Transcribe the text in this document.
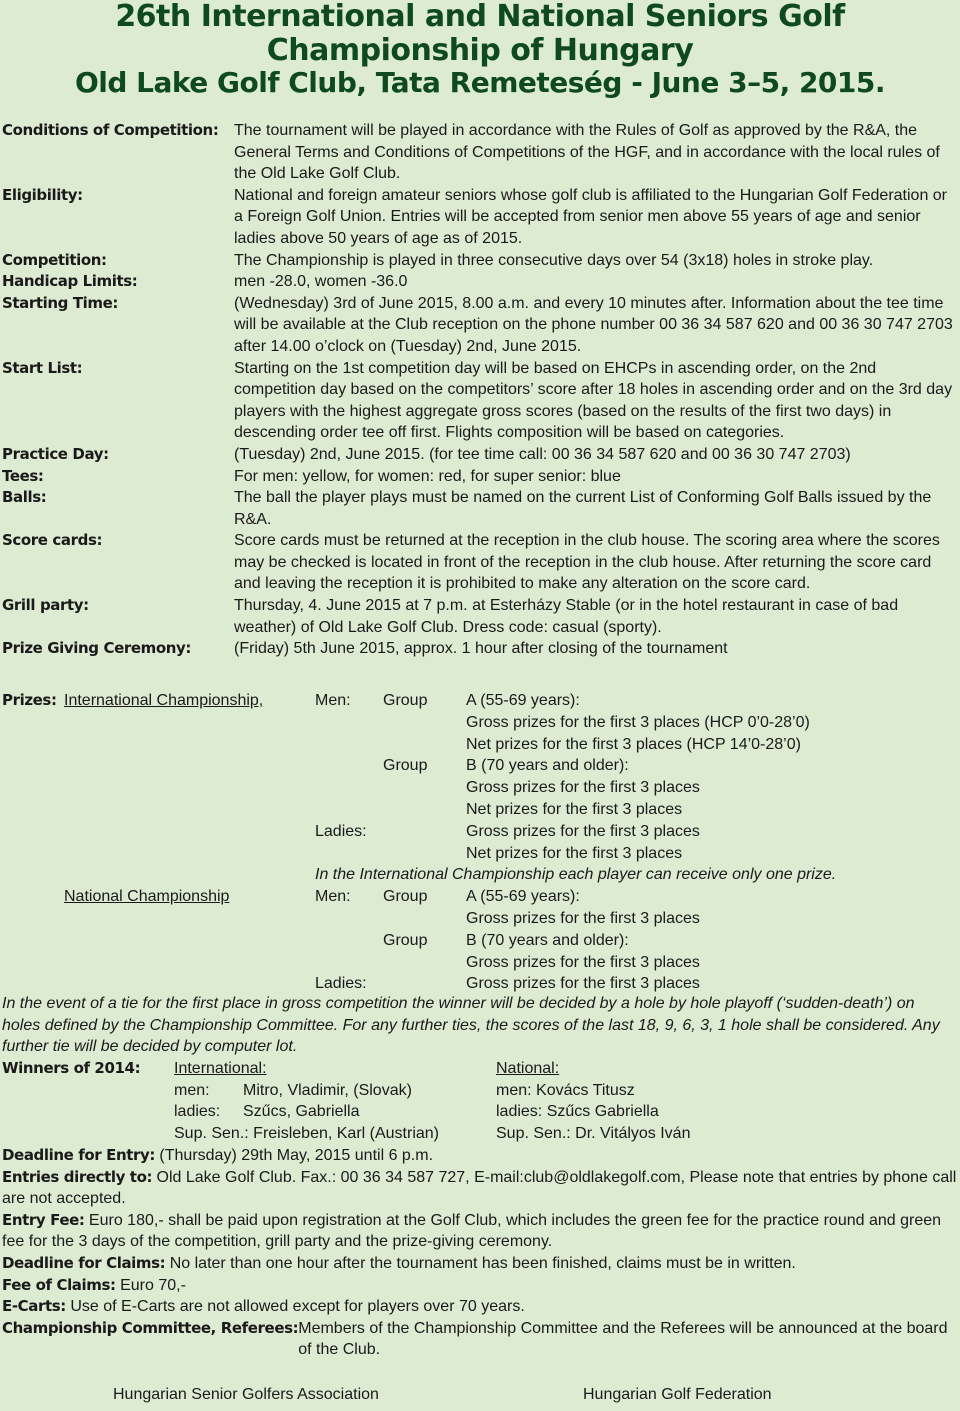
26th International and National Seniors Golf
Championship of Hungary
Old Lake Golf Club, Tata Remeteség - June 3–5, 2015.
Conditions of Competition: The tournament will be played in accordance with the Rules of Golf as approved by the R&A, the General Terms and Conditions of Competitions of the HGF, and in accordance with the local rules of the Old Lake Golf Club.
Eligibility:	National and foreign amateur seniors whose golf club is affiliated to the Hungarian Golf Federation or a Foreign Golf Union. Entries will be accepted from senior men above 55 years of age and senior ladies above 50 years of age as of 2015.
Competition:	The Championship is played in three consecutive days over 54 (3x18) holes in stroke play.
Handicap Limits:	men -28.0, women -36.0
Starting Time:	(Wednesday) 3rd of June 2015, 8.00 a.m. and every 10 minutes after. Information about the tee time will be available at the Club reception on the phone number 00 36 34 587 620 and 00 36 30 747 2703 after 14.00 o’clock on (Tuesday) 2nd, June 2015.
Start List:	Starting on the 1st competition day will be based on EHCPs in ascending order, on the 2nd competition day based on the competitors’ score after 18 holes in ascending order and on the 3rd day players with the highest aggregate gross scores (based on the results of the first two days) in descending order tee off first. Flights composition will be based on categories.
Practice Day:	(Tuesday) 2nd, June 2015. (for tee time call: 00 36 34 587 620 and 00 36 30 747 2703)
Tees:	For men: yellow, for women: red, for super senior: blue
Balls:	The ball the player plays must be named on the current List of Conforming Golf Balls issued by the R&A.
Score cards:	Score cards must be returned at the reception in the club house. The scoring area where the scores may be checked is located in front of the reception in the club house. After returning the score card and leaving the reception it is prohibited to make any alteration on the score card.
Grill party:	Thursday, 4. June 2015 at 7 p.m. at Esterházy Stable (or in the hotel restaurant in case of bad weather) of Old Lake Golf Club. Dress code: casual (sporty).
Prize Giving Ceremony:	(Friday) 5th June 2015, approx. 1 hour after closing of the tournament
Prizes: International Championship,	Men: Group A (55-69 years):
Gross prizes for the first 3 places (HCP 0’0-28’0)
Net prizes for the first 3 places (HCP 14’0-28’0)
Group B (70 years and older):
Gross prizes for the first 3 places
Net prizes for the first 3 places
Ladies:	Gross prizes for the first 3 places
Net prizes for the first 3 places
In the International Championship each player can receive only one prize.
National Championship	Men: Group A (55-69 years):
Gross prizes for the first 3 places
Group B (70 years and older):
Gross prizes for the first 3 places
Ladies:	Gross prizes for the first 3 places
In the event of a tie for the first place in gross competition the winner will be decided by a hole by hole playoff (‘sudden-death’) on holes defined by the Championship Committee. For any further ties, the scores of the last 18, 9, 6, 3, 1 hole shall be considered. Any further tie will be decided by computer lot.
Winners of 2014: International:	National:
men: Mitro, Vladimir, (Slovak)	men: Kovács Titusz
ladies: Szűcs, Gabriella	ladies: Szűcs Gabriella
Sup. Sen.: Freisleben, Karl (Austrian)	Sup. Sen.: Dr. Vitályos Iván
Deadline for Entry: (Thursday) 29th May, 2015 until 6 p.m.
Entries directly to: Old Lake Golf Club. Fax.: 00 36 34 587 727, E-mail:club@oldlakegolf.com, Please note that entries by phone call are not accepted.
Entry Fee: Euro 180,- shall be paid upon registration at the Golf Club, which includes the green fee for the practice round and green fee for the 3 days of the competition, grill party and the prize-giving ceremony.
Deadline for Claims: No later than one hour after the tournament has been finished, claims must be in written.
Fee of Claims: Euro 70,-
E-Carts: Use of E-Carts are not allowed except for players over 70 years.
Championship Committee, Referees: Members of the Championship Committee and the Referees will be announced at the board of the Club.
Hungarian Senior Golfers Association	Hungarian Golf Federation
